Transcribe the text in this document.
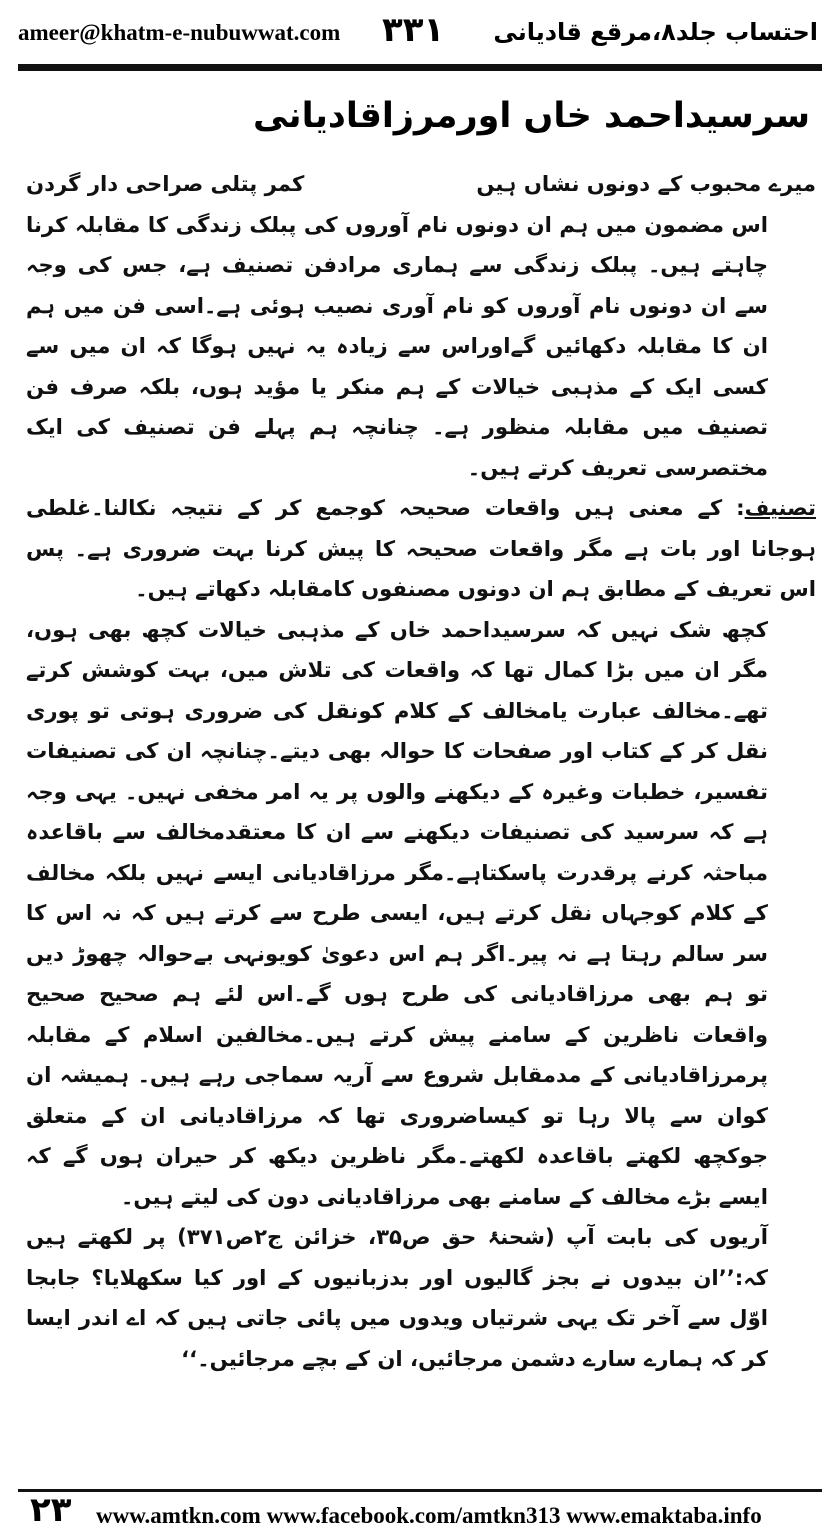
ameer@khatm-e-nubuwwat.com ۳۳۱ احتساب جلد۸،مرقع قادیانی
سرسیداحمد خاں اورمرزاقادیانی
میرے محبوب کے دونوں نشاں ہیں
کمر پتلی صراحی دار گردن

اس مضمون میں ہم ان دونوں نام آوروں کی پبلک زندگی کا مقابلہ کرنا چاہتے ہیں۔ پبلک زندگی سے ہماری مرادفن تصنیف ہے، جس کی وجہ سے ان دونوں نام آوروں کو نام آوری نصیب ہوئی ہے۔اسی فن میں ہم ان کا مقابلہ دکھائیں گےاوراس سے زیادہ یہ نہیں ہوگا کہ ان میں سے کسی ایک کے مذہبی خیالات کے ہم منکر یا مؤید ہوں، بلکہ صرف فن تصنیف میں مقابلہ منظور ہے۔ چنانچہ ہم پہلے فن تصنیف کی ایک مختصرسی تعریف کرتے ہیں۔

تصنیف: کے معنی ہیں واقعات صحیحہ کوجمع کر کے نتیجہ نکالنا۔غلطی ہوجانا اور بات ہے مگر واقعات صحیحہ کا پیش کرنا بہت ضروری ہے۔ پس اس تعریف کے مطابق ہم ان دونوں مصنفوں کامقابلہ دکھاتے ہیں۔

کچھ شک نہیں کہ سرسیداحمد خاں کے مذہبی خیالات کچھ بھی ہوں، مگر ان میں بڑا کمال تھا کہ واقعات کی تلاش میں، بہت کوشش کرتے تھے۔مخالف عبارت یامخالف کے کلام کونقل کی ضروری ہوتی تو پوری نقل کر کے کتاب اور صفحات کا حوالہ بھی دیتے۔چنانچہ ان کی تصنیفات تفسیر، خطبات وغیرہ کے دیکھنے والوں پر یہ امر مخفی نہیں۔ یہی وجہ ہے کہ سرسید کی تصنیفات دیکھنے سے ان کا معتقدمخالف سے باقاعدہ مباحثہ کرنے پرقدرت پاسکتاہے۔مگر مرزاقادیانی ایسے نہیں بلکہ مخالف کے کلام کوجہاں نقل کرتے ہیں، ایسی طرح سے کرتے ہیں کہ نہ اس کا سر سالم رہتا ہے نہ پیر۔اگر ہم اس دعویٰ کویونہی بےحوالہ چھوڑ دیں تو ہم بھی مرزاقادیانی کی طرح ہوں گے۔اس لئے ہم صحیح صحیح واقعات ناظرین کے سامنے پیش کرتے ہیں۔مخالفین اسلام کے مقابلہ پرمرزاقادیانی کے مدمقابل شروع سے آریہ سماجی رہے ہیں۔ ہمیشہ ان کوان سے پالا رہا تو کیساضروری تھا کہ مرزاقادیانی ان کے متعلق جوکچھ لکھتے باقاعدہ لکھتے۔مگر ناظرین دیکھ کر حیران ہوں گے کہ ایسے بڑے مخالف کے سامنے بھی مرزاقادیانی دون کی لیتے ہیں۔

آریوں کی بابت آپ (شحنۂ حق ص۳۵، خزائن ج۲ص۳۷۱) پر لکھتے ہیں کہ:’’ان بیدوں نے بجز گالیوں اور بدزبانیوں کے اور کیا سکھلایا؟ جابجا اوّل سے آخر تک یہی شرتیاں ویدوں میں پائی جاتی ہیں کہ اے اندر ایسا کر کہ ہمارے سارے دشمن مرجائیں، ان کے بچے مرجائیں۔‘‘

۲۳ www.amtkn.com www.facebook.com/amtkn313 www.emaktaba.info
